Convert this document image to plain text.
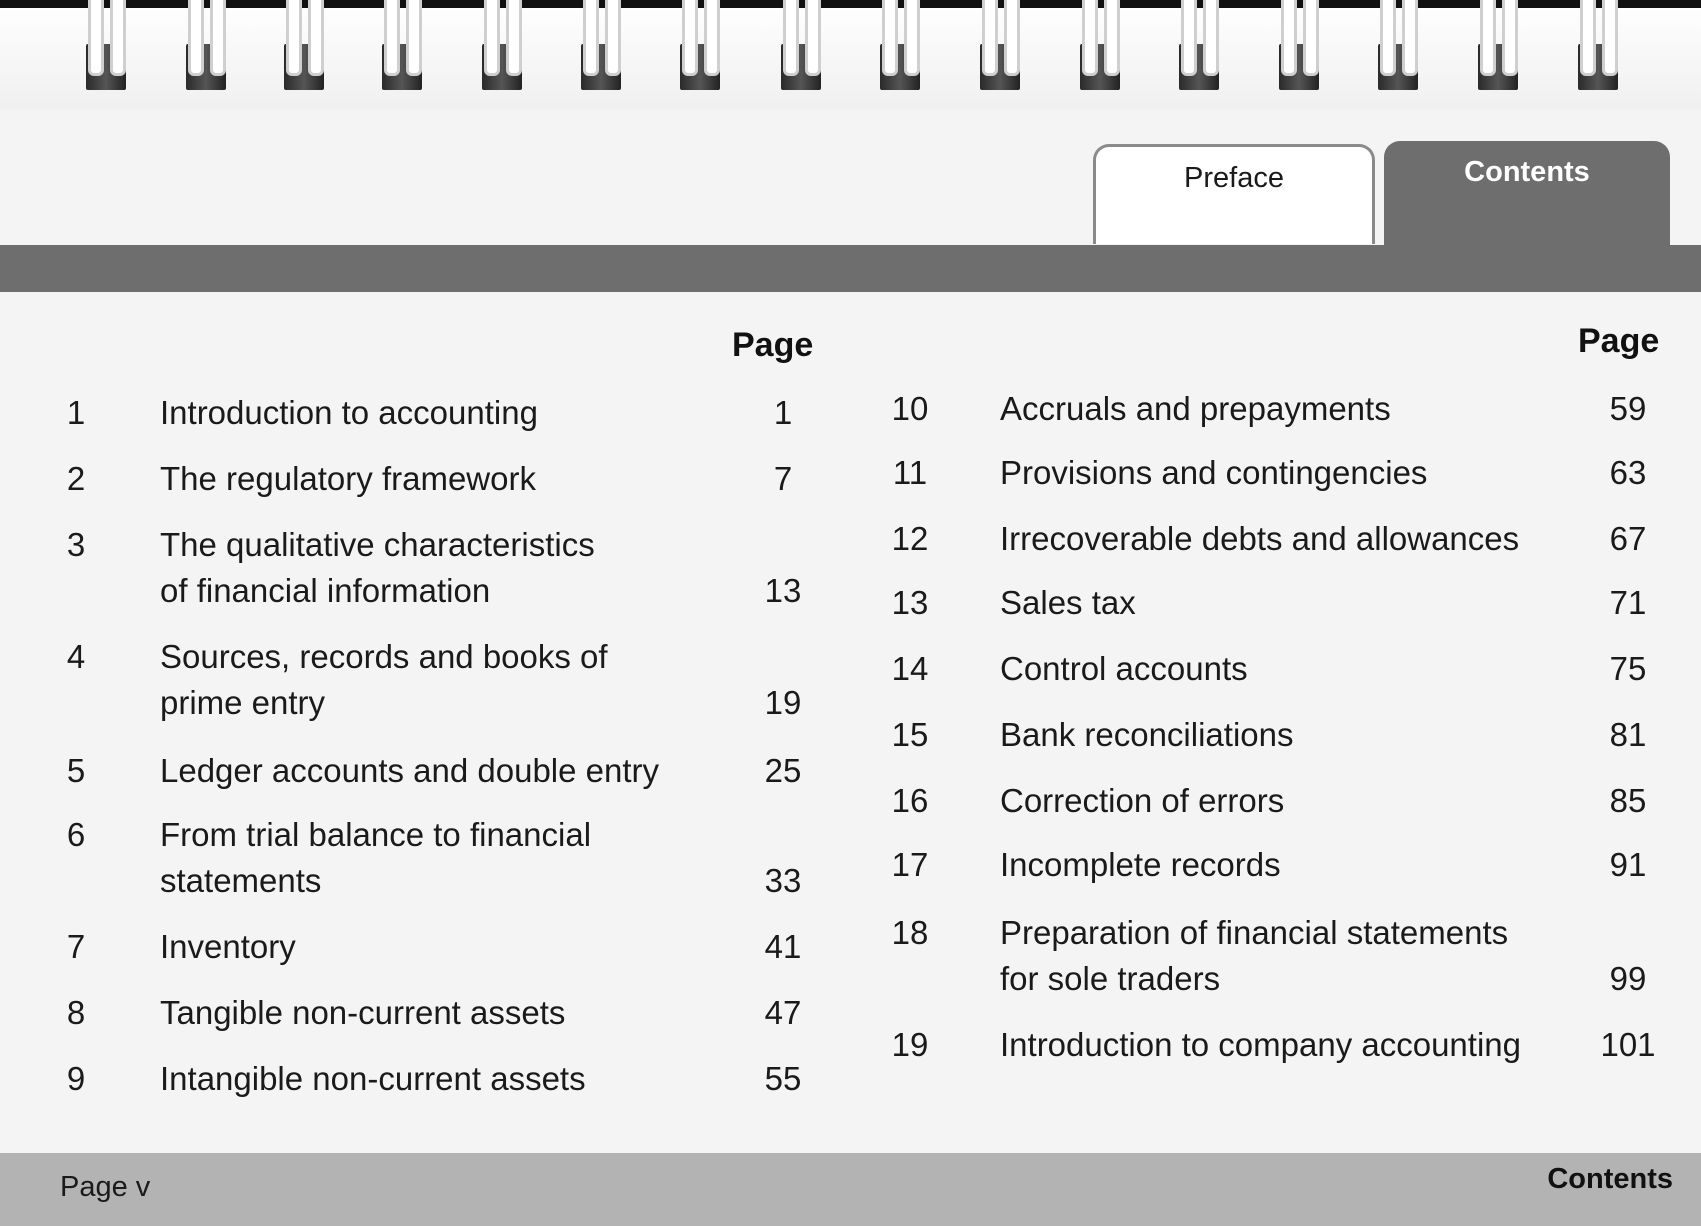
Preface	Contents
Page
1	Introduction to accounting	1
2	The regulatory framework	7
3	The qualitative characteristics
of financial information	13
4	Sources, records and books of
prime entry	19
5	Ledger accounts and double entry	25
6	From trial balance to financial
statements	33
7	Inventory	41
8	Tangible non-current assets	47
9	Intangible non-current assets	55
Page
10	Accruals and prepayments	59
11	Provisions and contingencies	63
12	Irrecoverable debts and allowances	67
13	Sales tax	71
14	Control accounts	75
15	Bank reconciliations	81
16	Correction of errors	85
17	Incomplete records	91
18	Preparation of financial statements
for sole traders	99
19	Introduction to company accounting 101
Page v	Contents
